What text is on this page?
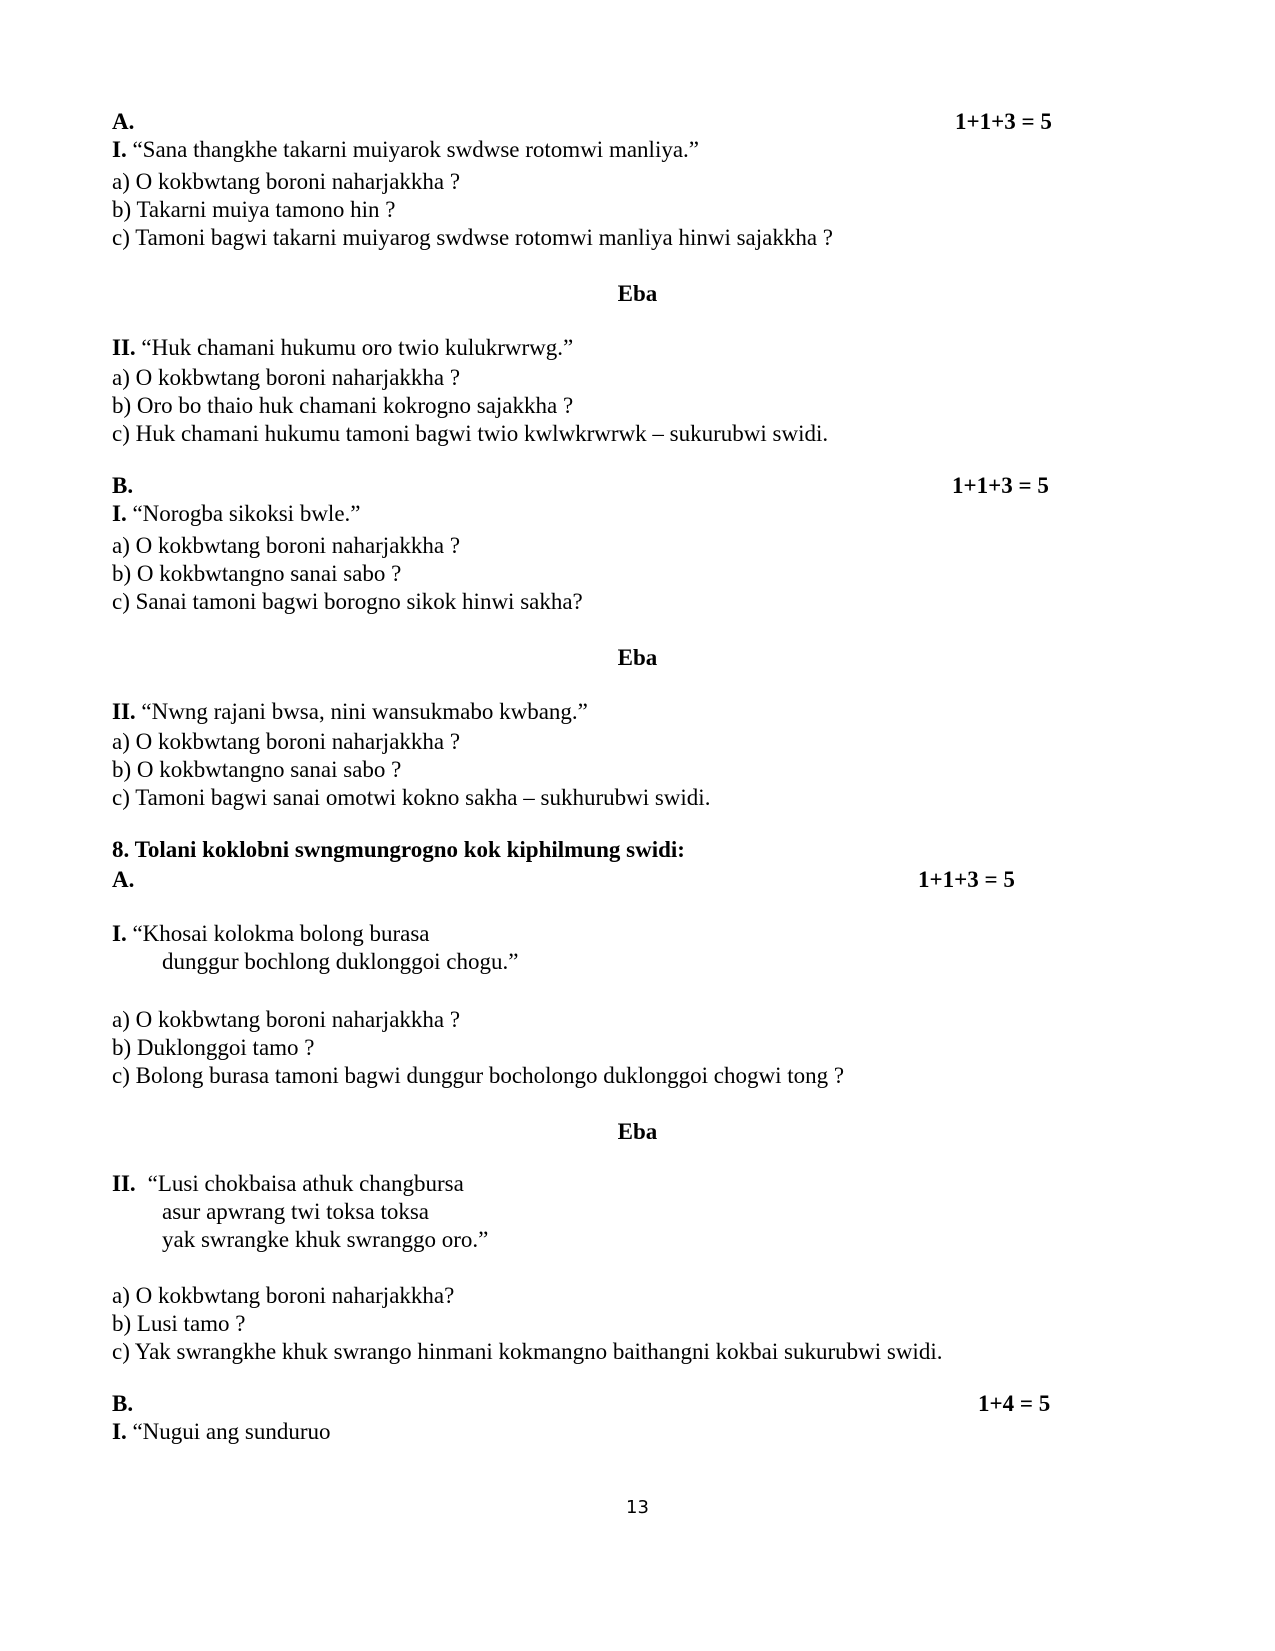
A.	1+1+3 = 5
I. “Sana thangkhe takarni muiyarok swdwse rotomwi manliya.”
a) O kokbwtang boroni naharjakkha ?
b) Takarni muiya tamono hin ?
c) Tamoni bagwi takarni muiyarog swdwse rotomwi manliya hinwi sajakkha ?
Eba
II. “Huk chamani hukumu oro twio kulukrwrwg.”
a) O kokbwtang boroni naharjakkha ?
b) Oro bo thaio huk chamani kokrogno sajakkha ?
c) Huk chamani hukumu tamoni bagwi twio kwlwkrwrwk – sukurubwi swidi.
B.	1+1+3 = 5
I. “Norogba sikoksi bwle.”
a) O kokbwtang boroni naharjakkha ?
b) O kokbwtangno sanai sabo ?
c) Sanai tamoni bagwi borogno sikok hinwi sakha?
Eba
II. “Nwng rajani bwsa, nini wansukmabo kwbang.”
a) O kokbwtang boroni naharjakkha ?
b) O kokbwtangno sanai sabo ?
c) Tamoni bagwi sanai omotwi kokno sakha – sukhurubwi swidi.
8. Tolani koklobni swngmungrogno kok kiphilmung swidi:
A.	1+1+3 = 5
I. “Khosai kolokma bolong burasa
dunggur bochlong duklonggoi chogu.”
a) O kokbwtang boroni naharjakkha ?
b) Duklonggoi tamo ?
c) Bolong burasa tamoni bagwi dunggur bocholongo duklonggoi chogwi tong ?
Eba
II. “Lusi chokbaisa athuk changbursa
asur apwrang twi toksa toksa
yak swrangke khuk swranggo oro.”
a) O kokbwtang boroni naharjakkha?
b) Lusi tamo ?
c) Yak swrangkhe khuk swrango hinmani kokmangno baithangni kokbai sukurubwi swidi.
B.	1+4 = 5
I. “Nugui ang sunduruo
13
